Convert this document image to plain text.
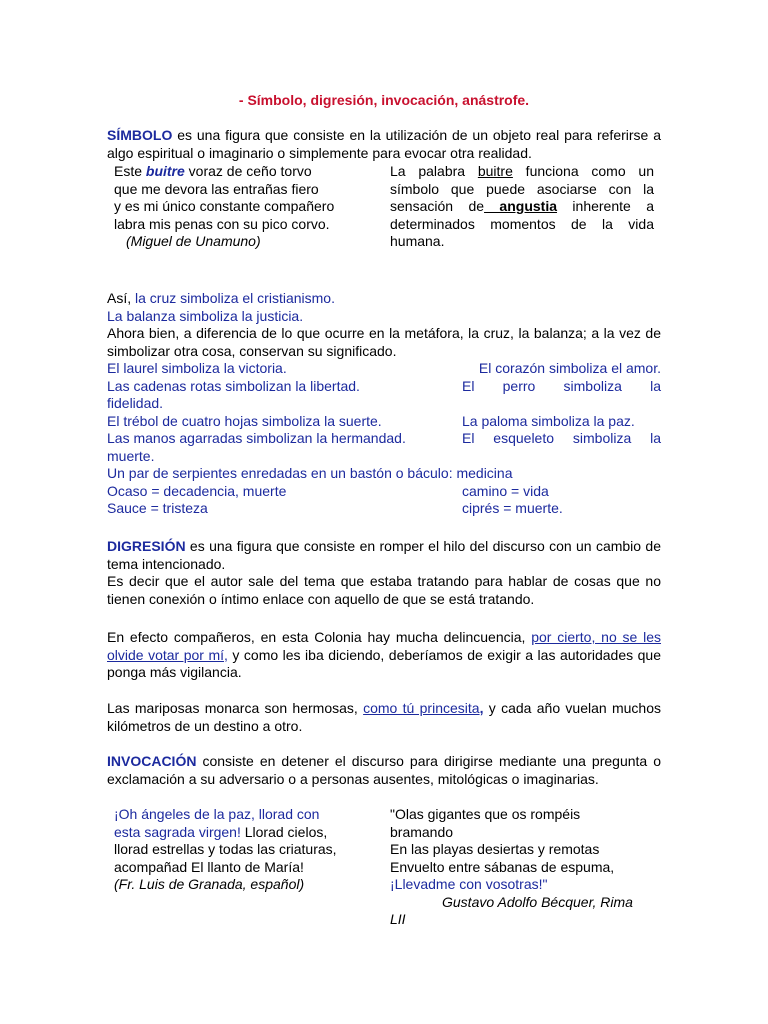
- Símbolo, digresión, invocación, anástrofe.

SÍMBOLO es una figura que consiste en la utilización de un objeto real para referirse a algo espiritual o imaginario o simplemente para evocar otra realidad.

Este buitre voraz de ceño torvo
que me devora las entrañas fiero
y es mi único constante compañero
labra mis penas con su pico corvo.
(Miguel de Unamuno)

La palabra buitre funciona como un símbolo que puede asociarse con la sensación de angustia inherente a determinados momentos de la vida humana.

Así, la cruz simboliza el cristianismo.
La balanza simboliza la justicia.
Ahora bien, a diferencia de lo que ocurre en la metáfora, la cruz, la balanza; a la vez de simbolizar otra cosa, conservan su significado.
El laurel simboliza la victoria.	El corazón simboliza el amor.
Las cadenas rotas simbolizan la libertad.	El perro simboliza la
fidelidad.
El trébol de cuatro hojas simboliza la suerte.	La paloma simboliza la paz.
Las manos agarradas simbolizan la hermandad.	El esqueleto simboliza la
muerte.
Un par de serpientes enredadas en un bastón o báculo: medicina
Ocaso = decadencia, muerte	camino = vida
Sauce = tristeza	ciprés = muerte.

DIGRESIÓN es una figura que consiste en romper el hilo del discurso con un cambio de tema intencionado.

Es decir que el autor sale del tema que estaba tratando para hablar de cosas que no tienen conexión o íntimo enlace con aquello de que se está tratando.

En efecto compañeros, en esta Colonia hay mucha delincuencia, por cierto, no se les olvide votar por mí, y como les iba diciendo, deberíamos de exigir a las autoridades que ponga más vigilancia.

Las mariposas monarca son hermosas, como tú princesita, y cada año vuelan muchos kilómetros de un destino a otro.

INVOCACIÓN consiste en detener el discurso para dirigirse mediante una pregunta o exclamación a su adversario o a personas ausentes, mitológicas o imaginarias.

¡Oh ángeles de la paz, llorad con
esta sagrada virgen! Llorad cielos,
llorad estrellas y todas las criaturas,
acompañad El llanto de María!
(Fr. Luis de Granada, español)
"Olas gigantes que os rompéis
bramando
En las playas desiertas y remotas
Envuelto entre sábanas de espuma,
¡Llevadme con vosotras!"
Gustavo Adolfo Bécquer, Rima
LII
